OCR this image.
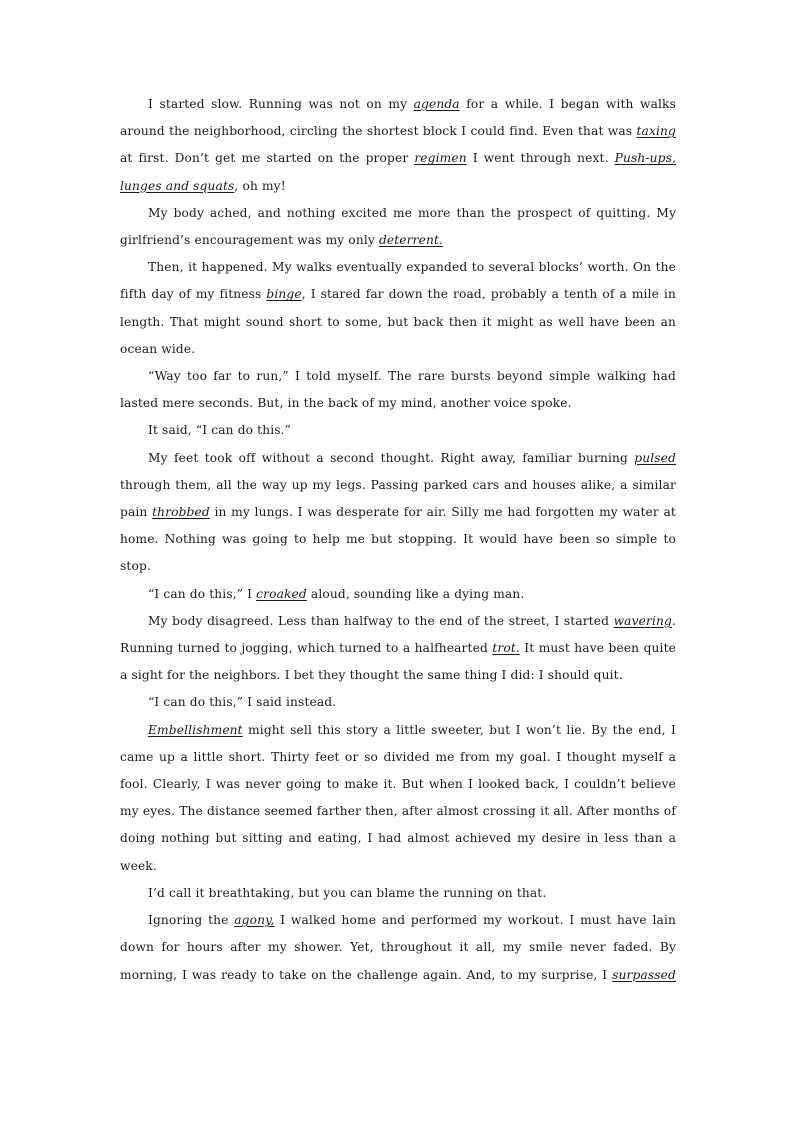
I started slow. Running was not on my agenda for a while. I began with walks around the neighborhood, circling the shortest block I could find. Even that was taxing at first. Don’t get me started on the proper regimen I went through next. Push-ups, lunges and squats, oh my!

My body ached, and nothing excited me more than the prospect of quitting. My girlfriend’s encouragement was my only deterrent.

Then, it happened. My walks eventually expanded to several blocks’ worth. On the fifth day of my fitness binge, I stared far down the road, probably a tenth of a mile in length. That might sound short to some, but back then it might as well have been an ocean wide.

“Way too far to run,” I told myself. The rare bursts beyond simple walking had lasted mere seconds. But, in the back of my mind, another voice spoke.

It said, “I can do this.”

My feet took off without a second thought. Right away, familiar burning pulsed through them, all the way up my legs. Passing parked cars and houses alike, a similar pain throbbed in my lungs. I was desperate for air. Silly me had forgotten my water at home. Nothing was going to help me but stopping. It would have been so simple to stop.

“I can do this,” I croaked aloud, sounding like a dying man.

My body disagreed. Less than halfway to the end of the street, I started wavering. Running turned to jogging, which turned to a halfhearted trot. It must have been quite a sight for the neighbors. I bet they thought the same thing I did: I should quit.

“I can do this,” I said instead.

Embellishment might sell this story a little sweeter, but I won’t lie. By the end, I came up a little short. Thirty feet or so divided me from my goal. I thought myself a fool. Clearly, I was never going to make it. But when I looked back, I couldn’t believe my eyes. The distance seemed farther then, after almost crossing it all. After months of doing nothing but sitting and eating, I had almost achieved my desire in less than a week.

I’d call it breathtaking, but you can blame the running on that.

Ignoring the agony, I walked home and performed my workout. I must have lain down for hours after my shower. Yet, throughout it all, my smile never faded. By morning, I was ready to take on the challenge again. And, to my surprise, I surpassed
